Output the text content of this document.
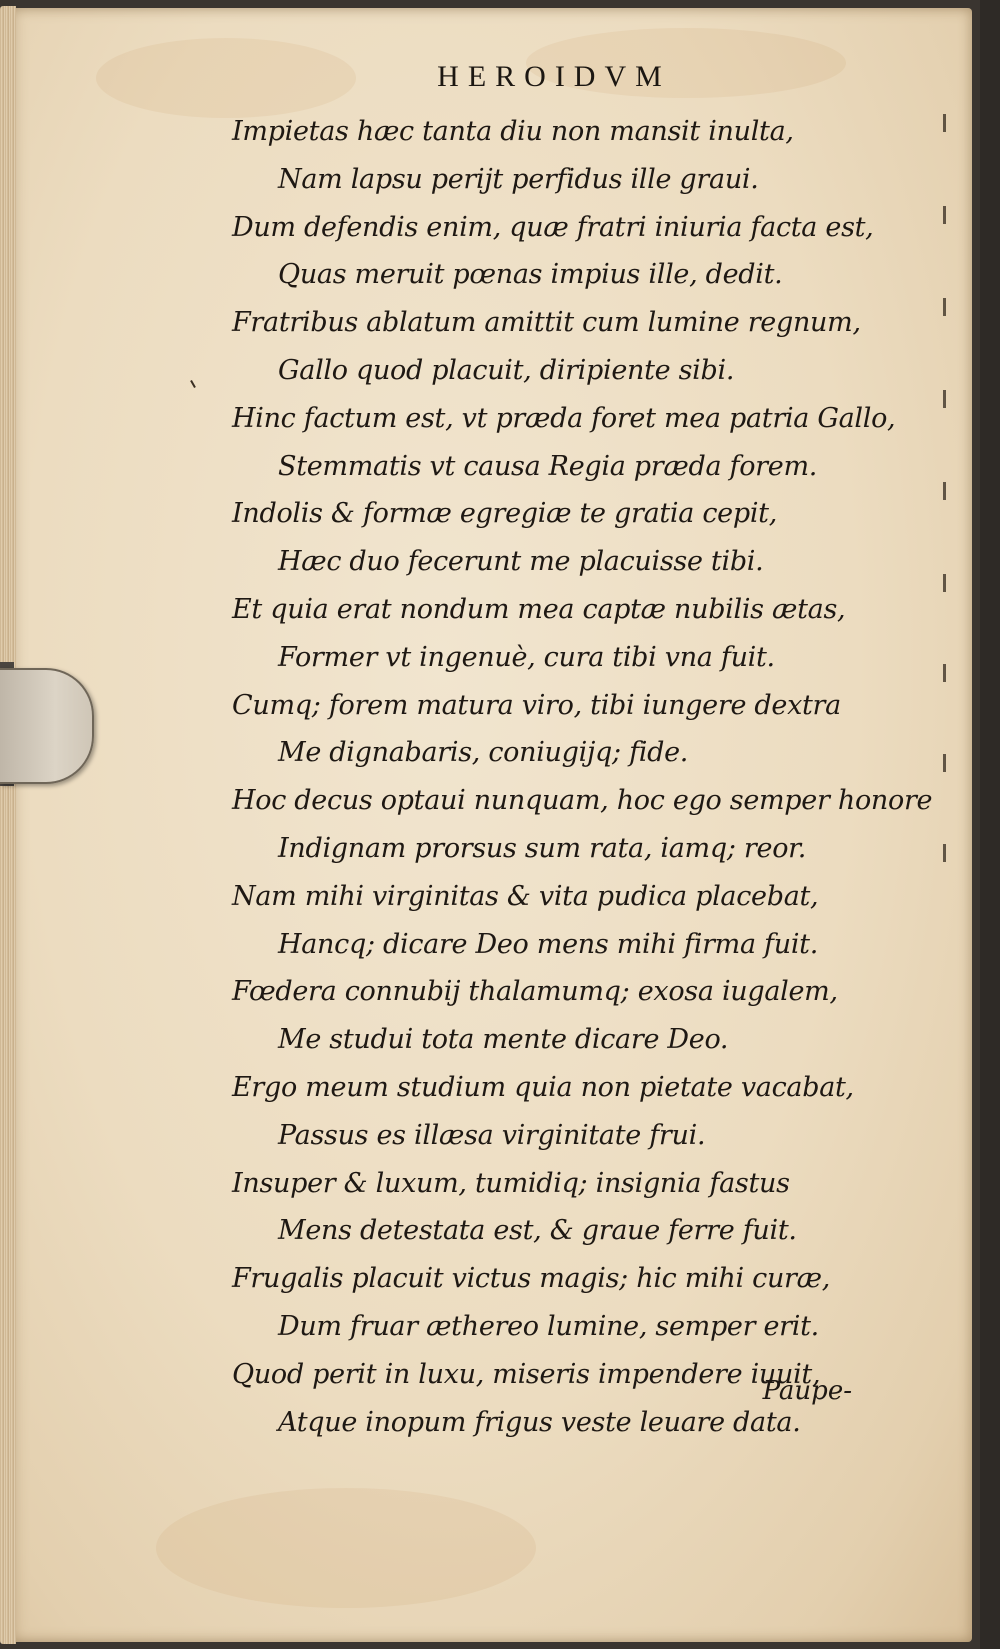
HEROIDVM
Impietas hæc tanta diu non mansit inulta,
Nam lapsu perijt perfidus ille graui.
Dum defendis enim, quæ fratri iniuria facta est,
Quas meruit pœnas impius ille, dedit.
Fratribus ablatum amittit cum lumine regnum,
Gallo quod placuit, diripiente sibi.
Hinc factum est, vt præda foret mea patria Gallo,
Stemmatis vt causa Regia præda forem.
Indolis & formæ egregiæ te gratia cepit,
Hæc duo fecerunt me placuisse tibi.
Et quia erat nondum mea captæ nubilis ætas,
Former vt ingenuè, cura tibi vna fuit.
Cumq; forem matura viro, tibi iungere dextra
Me dignabaris, coniugijq; fide.
Hoc decus optaui nunquam, hoc ego semper honore
Indignam prorsus sum rata, iamq; reor.
Nam mihi virginitas & vita pudica placebat,
Hancq; dicare Deo mens mihi firma fuit.
Fœdera connubij thalamumq; exosa iugalem,
Me studui tota mente dicare Deo.
Ergo meum studium quia non pietate vacabat,
Passus es illæsa virginitate frui.
Insuper & luxum, tumidiq; insignia fastus
Mens detestata est, & graue ferre fuit.
Frugalis placuit victus magis; hic mihi curæ,
Dum fruar æthereo lumine, semper erit.
Quod perit in luxu, miseris impendere iuuit,
Atque inopum frigus veste leuare data.
Paupe-
